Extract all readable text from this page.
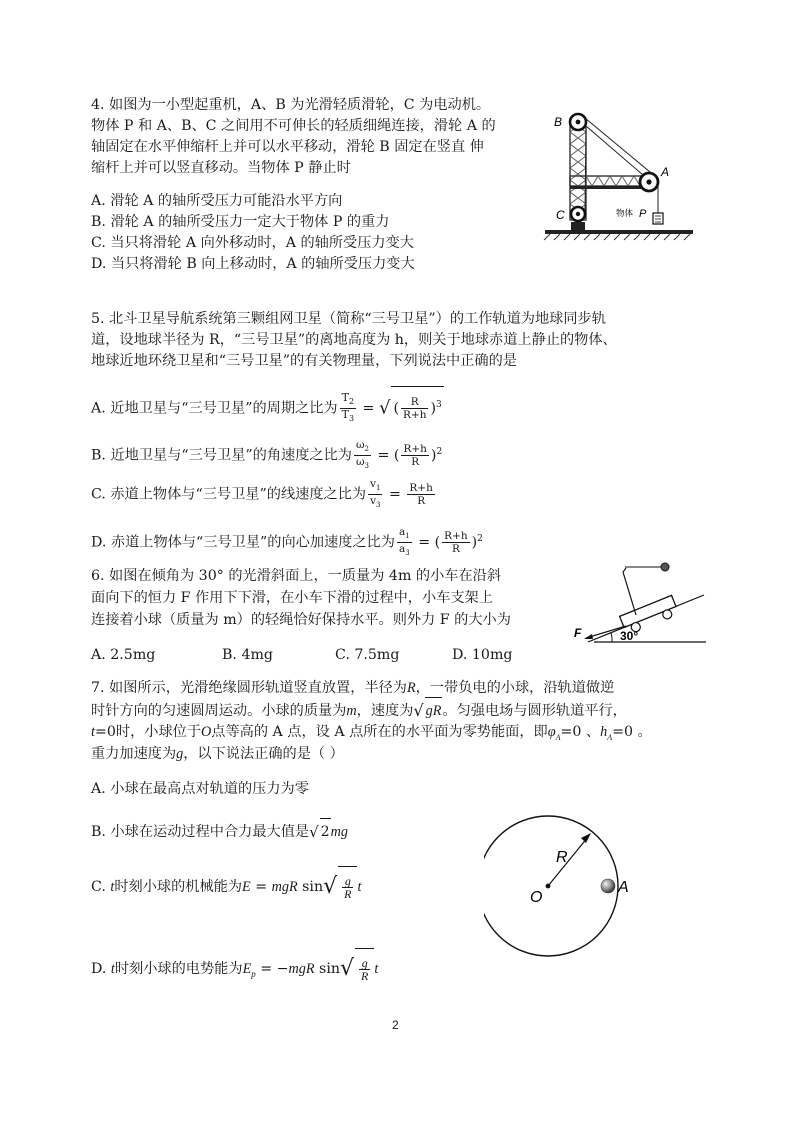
4. 如图为一小型起重机，A、B 为光滑轻质滑轮，C 为电动机。
物体 P 和 A、B、C 之间用不可伸长的轻质细绳连接，滑轮 A 的
轴固定在水平伸缩杆上并可以水平移动，滑轮 B 固定在竖直 伸
缩杆上并可以竖直移动。当物体 P 静止时
A. 滑轮 A 的轴所受压力可能沿水平方向
B. 滑轮 A 的轴所受压力一定大于物体 P 的重力
C. 当只将滑轮 A 向外移动时，A 的轴所受压力变大
D. 当只将滑轮 B 向上移动时，A 的轴所受压力变大
B
A
C	物体 P
5. 北斗卫星导航系统第三颗组网卫星（简称“三号卫星”）的工作轨道为地球同步轨
道，设地球半径为 R，“三号卫星”的离地高度为 h，则关于地球赤道上静止的物体、
地球近地环绕卫星和“三号卫星”的有关物理量，下列说法中正确的是
A. 近地卫星与“三号卫星”的周期之比为 $\frac{T_2}{T_3}$ = √ ( $\frac{R}{R+h} )^3$
B. 近地卫星与“三号卫星”的角速度之比为 $\frac{\omega_2}{\omega_3}$ = ( $\frac{R+h}{R} )^2$
C. 赤道上物体与“三号卫星”的线速度之比为 $\frac{v_1}{v_3} = \frac{R+h}{R}$
D. 赤道上物体与“三号卫星”的向心加速度之比为 $\frac{a_1}{a_3}$ = ( $\frac{R+h}{R} )^2$
6. 如图在倾角为 30° 的光滑斜面上，一质量为 4m 的小车在沿斜
面向下的恒力 F 作用下下滑，在小车下滑的过程中，小车支架上
连接着小球（质量为 m）的轻绳恰好保持水平。则外力 F 的大小为
A. 2.5mg	B. 4mg	C. 7.5mg	D. 10mg
F	30°
7. 如图所示，光滑绝缘圆形轨道竖直放置，半径为R，一带负电的小球，沿轨道做逆
时针方向的匀速圆周运动。小球的质量为m，速度为√ gR。匀强电场与圆形轨道平行，
t=0时，小球位于O点等高的 A 点，设 A 点所在的水平面为零势能面，即$\varphi_A=0$ 、$h_A=0$ 。
重力加速度为g，以下说法正确的是（ ）
A. 小球在最高点对轨道的压力为零
B. 小球在运动过程中合力最大值是√ 2mg
C. t时刻小球的机械能为E = mgR $\sin√ \frac{g}{R}$ t
D. t时刻小球的电势能为$E_p = -mgR$ $\sin√ \frac{g}{R}$ t
R
O
A
2
